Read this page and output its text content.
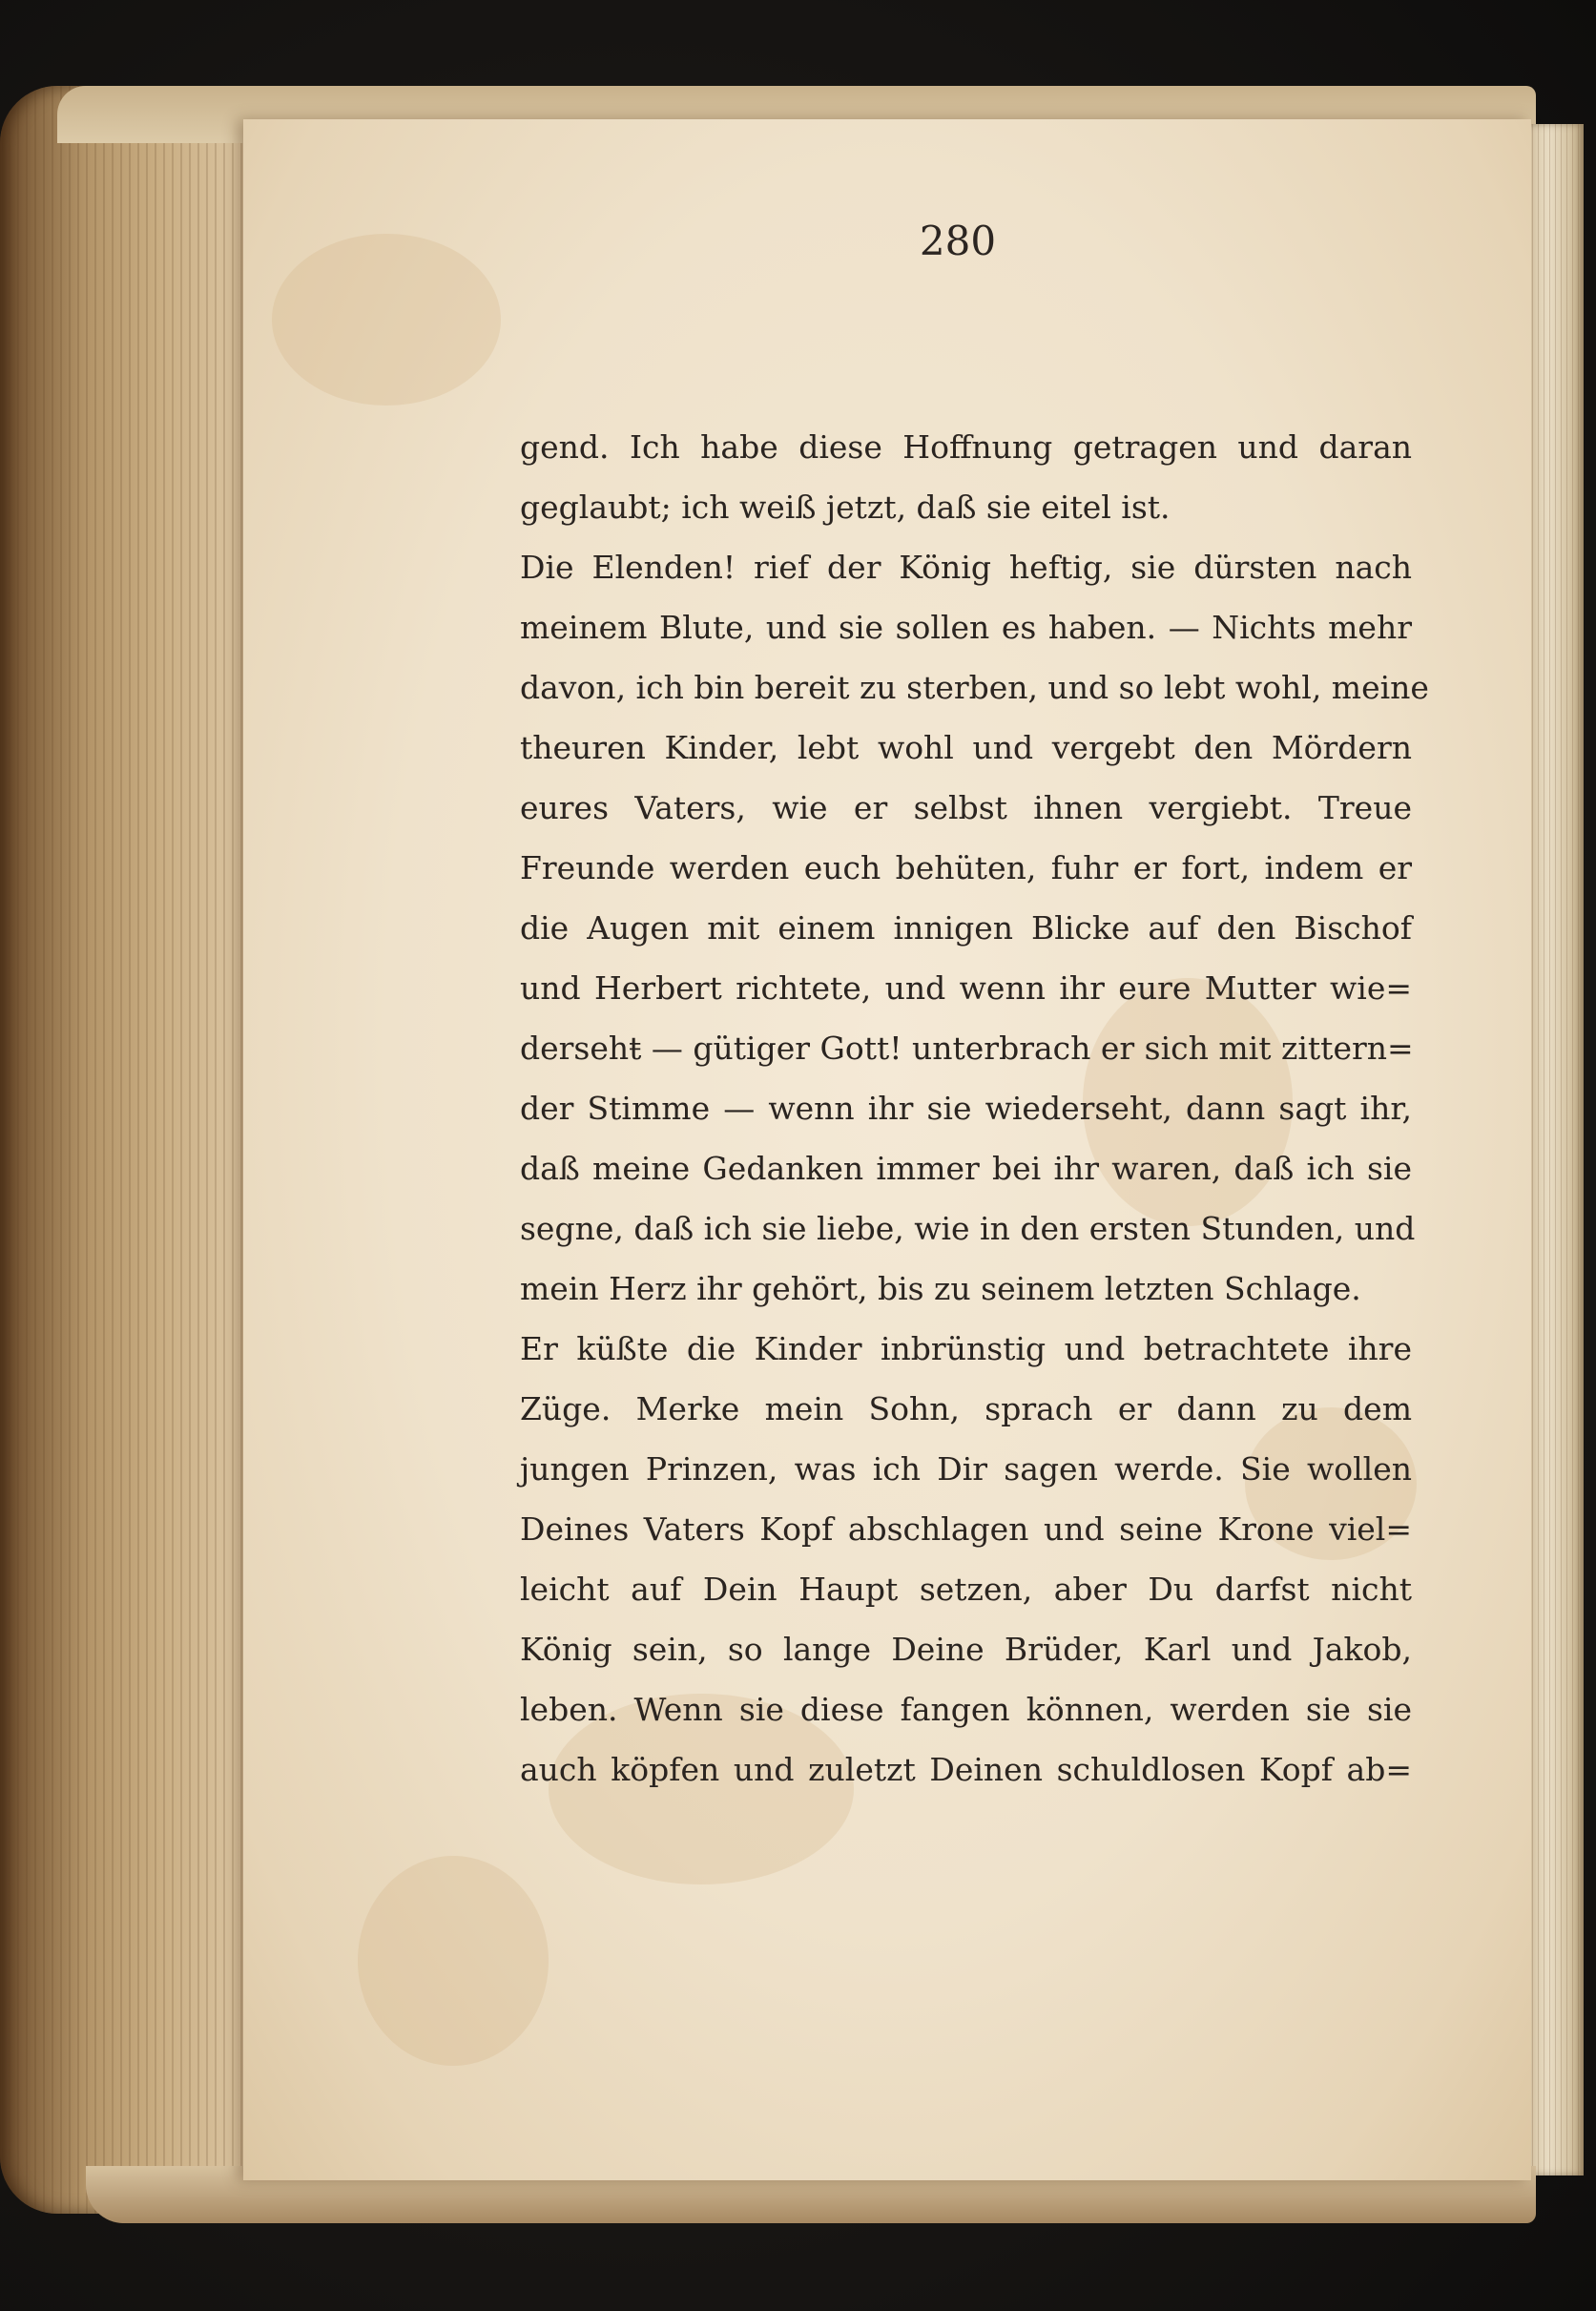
280
gend. Ich habe diese Hoffnung getragen und daran
geglaubt; ich weiß jetzt, daß sie eitel ist.
Die Elenden! rief der König heftig, sie dürsten nach
meinem Blute, und sie sollen es haben. — Nichts mehr
davon, ich bin bereit zu sterben, und so lebt wohl, meine
theuren Kinder, lebt wohl und vergebt den Mördern
eures Vaters, wie er selbst ihnen vergiebt. Treue
Freunde werden euch behüten, fuhr er fort, indem er
die Augen mit einem innigen Blicke auf den Bischof
und Herbert richtete, und wenn ihr eure Mutter wie=
dersehŧ — gütiger Gott! unterbrach er sich mit zittern=
der Stimme — wenn ihr sie wiederseht, dann sagt ihr,
daß meine Gedanken immer bei ihr waren, daß ich sie
segne, daß ich sie liebe, wie in den ersten Stunden, und
mein Herz ihr gehört, bis zu seinem letzten Schlage.
Er küßte die Kinder inbrünstig und betrachtete ihre
Züge. Merke mein Sohn, sprach er dann zu dem
jungen Prinzen, was ich Dir sagen werde. Sie wollen
Deines Vaters Kopf abschlagen und seine Krone viel=
leicht auf Dein Haupt setzen, aber Du darfst nicht
König sein, so lange Deine Brüder, Karl und Jakob,
leben. Wenn sie diese fangen können, werden sie sie
auch köpfen und zuletzt Deinen schuldlosen Kopf ab=
